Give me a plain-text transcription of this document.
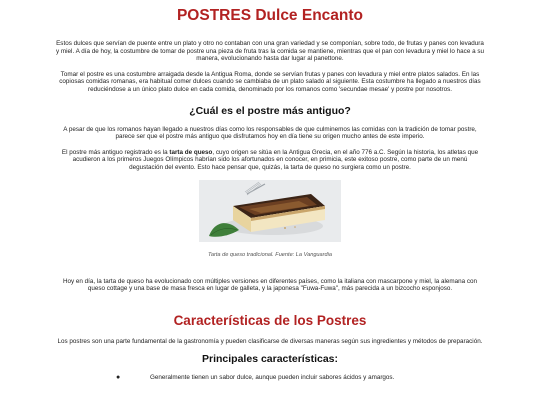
POSTRES Dulce Encanto

Estos dulces que servían de puente entre un plato y otro no contaban con una gran variedad y se componían, sobre todo, de frutas y panes con levadura y miel. A día de hoy, la costumbre de tomar de postre una pieza de fruta tras la comida se mantiene, mientras que el pan con levadura y miel lo hace a su manera, evolucionando hasta dar lugar al panettone.

Tomar el postre es una costumbre arraigada desde la Antigua Roma, donde se servían frutas y panes con levadura y miel entre platos salados. En las copiosas comidas romanas, era habitual comer dulces cuando se cambiaba de un plato salado al siguiente. Esta costumbre ha llegado a nuestros días reduciéndose a un único plato dulce en cada comida, denominado por los romanos como 'secundae mesae' y postre por nosotros.

¿Cuál es el postre más antiguo?

A pesar de que los romanos hayan llegado a nuestros días como los responsables de que culminemos las comidas con la tradición de tomar postre, parece ser que el postre más antiguo que disfrutamos hoy en día tiene su origen mucho antes de este imperio.

El postre más antiguo registrado es la tarta de queso, cuyo origen se sitúa en la Antigua Grecia, en el año 776 a.C. Según la historia, los atletas que acudieron a los primeros Juegos Olímpicos habrían sido los afortunados en conocer, en primicia, este exitoso postre, como parte de un menú degustación del evento. Esto hace pensar que, quizás, la tarta de queso no surgiera como un postre.

Tarta de queso tradicional. Fuente: La Vanguardia

Hoy en día, la tarta de queso ha evolucionado con múltiples versiones en diferentes países, como la italiana con mascarpone y miel, la alemana con queso cottage y una base de masa fresca en lugar de galleta, y la japonesa "Fuwa-Fuwa", más parecida a un bizcocho esponjoso.

Características de los Postres

Los postres son una parte fundamental de la gastronomía y pueden clasificarse de diversas maneras según sus ingredientes y métodos de preparación.

Principales características:
●	Generalmente tienen un sabor dulce, aunque pueden incluir sabores ácidos y amargos.
